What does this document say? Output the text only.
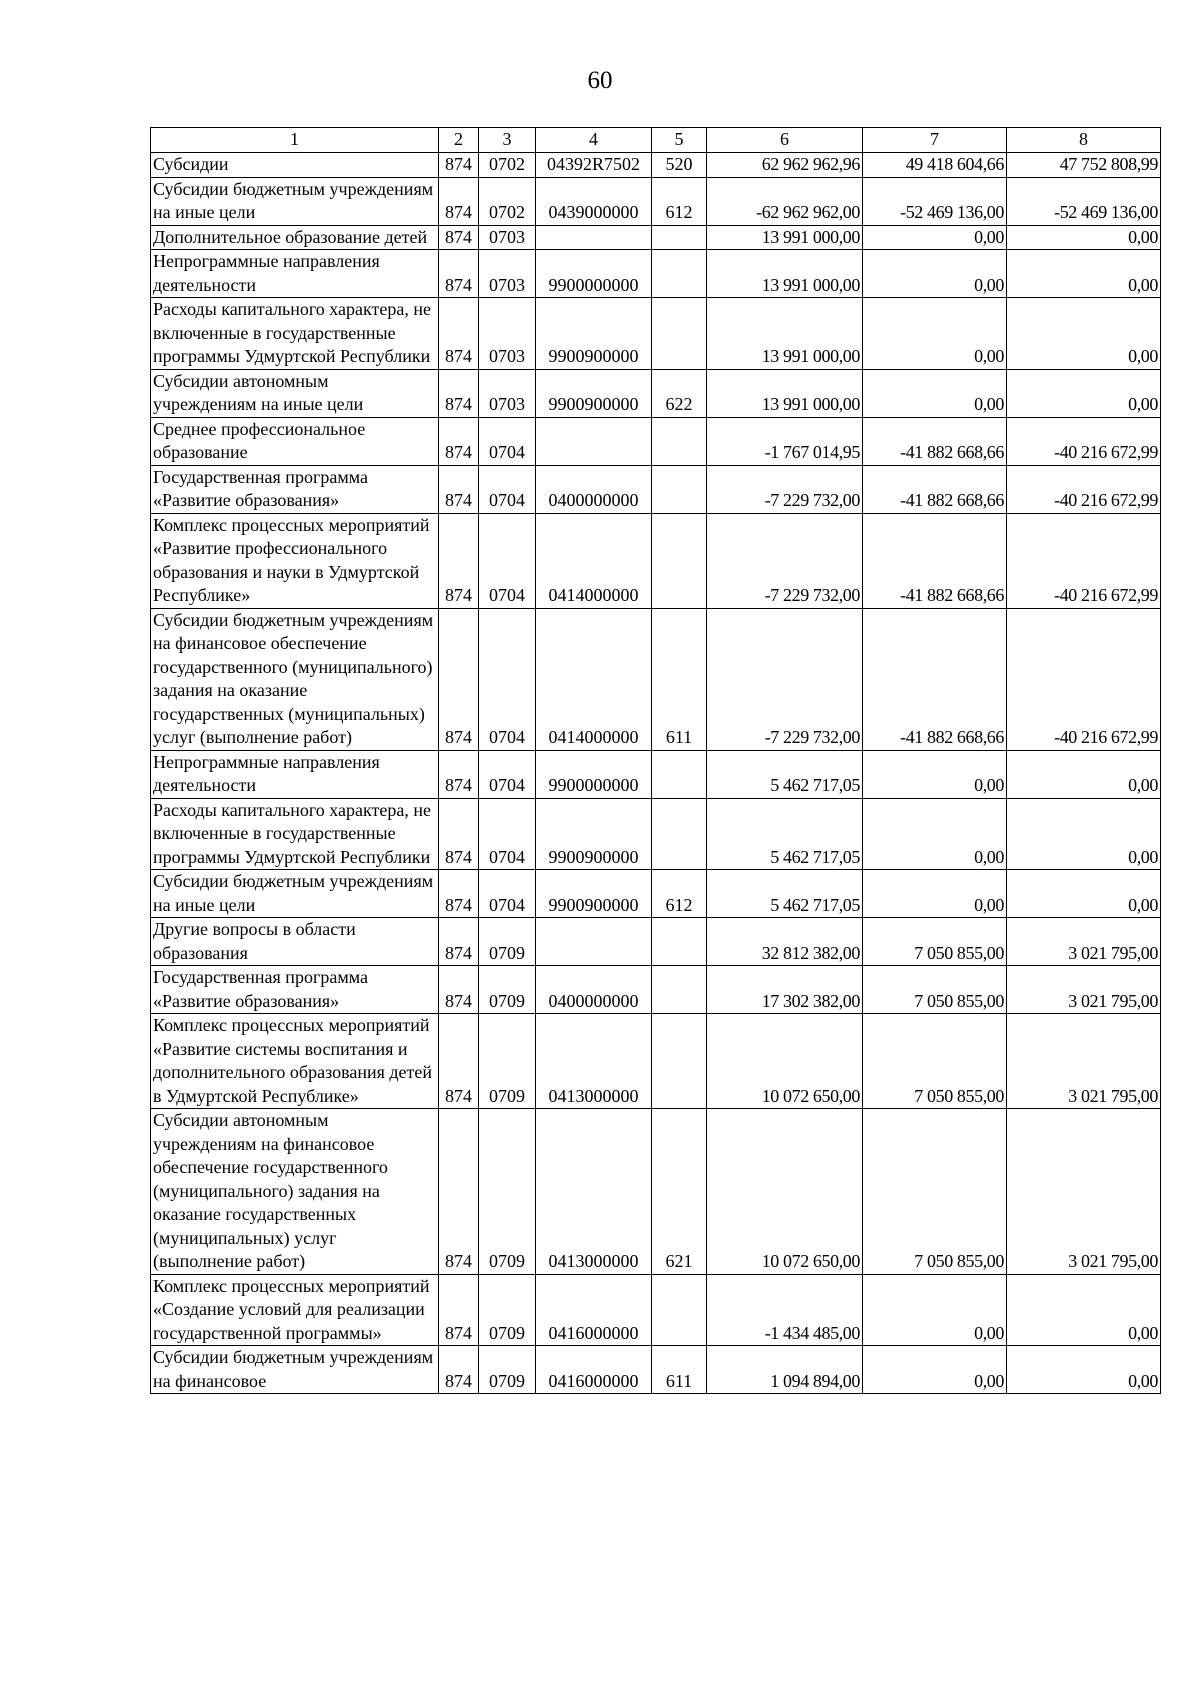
60
1	2	3	4	5	6	7	8
Субсидии	874	0702	04392R7502	520	62 962 962,96	49 418 604,66	47 752 808,99
Субсидии бюджетным учреждениям на иные цели	874	0702	0439000000	612	-62 962 962,00	-52 469 136,00	-52 469 136,00
Дополнительное образование детей	874	0703			13 991 000,00	0,00	0,00
Непрограммные направления деятельности	874	0703	9900000000		13 991 000,00	0,00	0,00
Расходы капитального характера, не включенные в государственные программы Удмуртской Республики	874	0703	9900900000		13 991 000,00	0,00	0,00
Субсидии автономным учреждениям на иные цели	874	0703	9900900000	622	13 991 000,00	0,00	0,00
Среднее профессиональное образование	874	0704			-1 767 014,95	-41 882 668,66	-40 216 672,99
Государственная программа «Развитие образования»	874	0704	0400000000		-7 229 732,00	-41 882 668,66	-40 216 672,99
Комплекс процессных мероприятий «Развитие профессионального образования и науки в Удмуртской Республике»	874	0704	0414000000		-7 229 732,00	-41 882 668,66	-40 216 672,99
Субсидии бюджетным учреждениям на финансовое обеспечение государственного (муниципального) задания на оказание государственных (муниципальных) услуг (выполнение работ)	874	0704	0414000000	611	-7 229 732,00	-41 882 668,66	-40 216 672,99
Непрограммные направления деятельности	874	0704	9900000000		5 462 717,05	0,00	0,00
Расходы капитального характера, не включенные в государственные программы Удмуртской Республики	874	0704	9900900000		5 462 717,05	0,00	0,00
Субсидии бюджетным учреждениям на иные цели	874	0704	9900900000	612	5 462 717,05	0,00	0,00
Другие вопросы в области образования	874	0709			32 812 382,00	7 050 855,00	3 021 795,00
Государственная программа «Развитие образования»	874	0709	0400000000		17 302 382,00	7 050 855,00	3 021 795,00
Комплекс процессных мероприятий «Развитие системы воспитания и дополнительного образования детей в Удмуртской Республике»	874	0709	0413000000		10 072 650,00	7 050 855,00	3 021 795,00
Субсидии автономным учреждениям на финансовое обеспечение государственного (муниципального) задания на оказание государственных (муниципальных) услуг (выполнение работ)	874	0709	0413000000	621	10 072 650,00	7 050 855,00	3 021 795,00
Комплекс процессных мероприятий «Создание условий для реализации государственной программы»	874	0709	0416000000		-1 434 485,00	0,00	0,00
Субсидии бюджетным учреждениям на финансовое	874	0709	0416000000	611	1 094 894,00	0,00	0,00
